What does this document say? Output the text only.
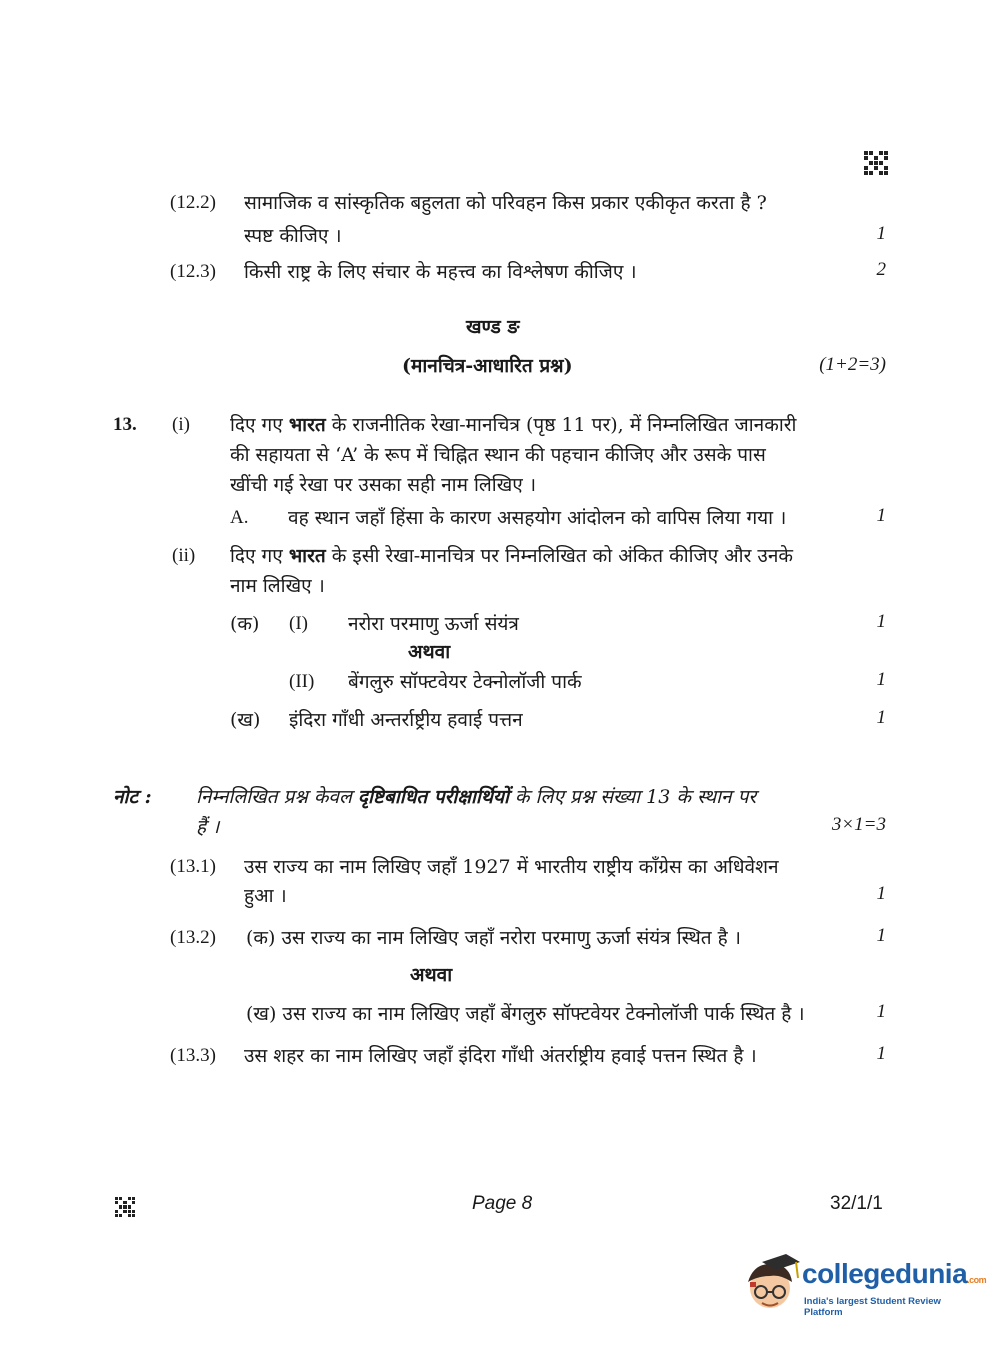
(12.2) सामाजिक व सांस्कृतिक बहुलता को परिवहन किस प्रकार एकीकृत करता है ?
स्पष्ट कीजिए ।	1
(12.3) किसी राष्ट्र के लिए संचार के महत्त्व का विश्लेषण कीजिए ।	2
खण्ड ङ
(मानचित्र-आधारित प्रश्न)	(1+2=3)
13. (i) दिए गए भारत के राजनीतिक रेखा-मानचित्र (पृष्ठ 11 पर), में निम्नलिखित जानकारी
की सहायता से ‘A’ के रूप में चिह्नित स्थान की पहचान कीजिए और उसके पास
खींची गई रेखा पर उसका सही नाम लिखिए ।
A. वह स्थान जहाँ हिंसा के कारण असहयोग आंदोलन को वापिस लिया गया ।	1
(ii) दिए गए भारत के इसी रेखा-मानचित्र पर निम्नलिखित को अंकित कीजिए और उनके
नाम लिखिए ।
(क) (I) नरोरा परमाणु ऊर्जा संयंत्र	1
अथवा
(II) बेंगलुरु सॉफ्टवेयर टेक्नोलॉजी पार्क	1
(ख) इंदिरा गाँधी अन्तर्राष्ट्रीय हवाई पत्तन	1
नोट : निम्नलिखित प्रश्न केवल दृष्टिबाधित परीक्षार्थियों के लिए प्रश्न संख्या 13 के स्थान पर
हैं ।	3×1=3
(13.1) उस राज्य का नाम लिखिए जहाँ 1927 में भारतीय राष्ट्रीय काँग्रेस का अधिवेशन
हुआ ।	1
(13.2) (क) उस राज्य का नाम लिखिए जहाँ नरोरा परमाणु ऊर्जा संयंत्र स्थित है ।	1
अथवा
(ख) उस राज्य का नाम लिखिए जहाँ बेंगलुरु सॉफ्टवेयर टेक्नोलॉजी पार्क स्थित है ।	1
(13.3) उस शहर का नाम लिखिए जहाँ इंदिरा गाँधी अंतर्राष्ट्रीय हवाई पत्तन स्थित है ।	1
Page 8	32/1/1
collegedunia.com
India's largest Student Review Platform
